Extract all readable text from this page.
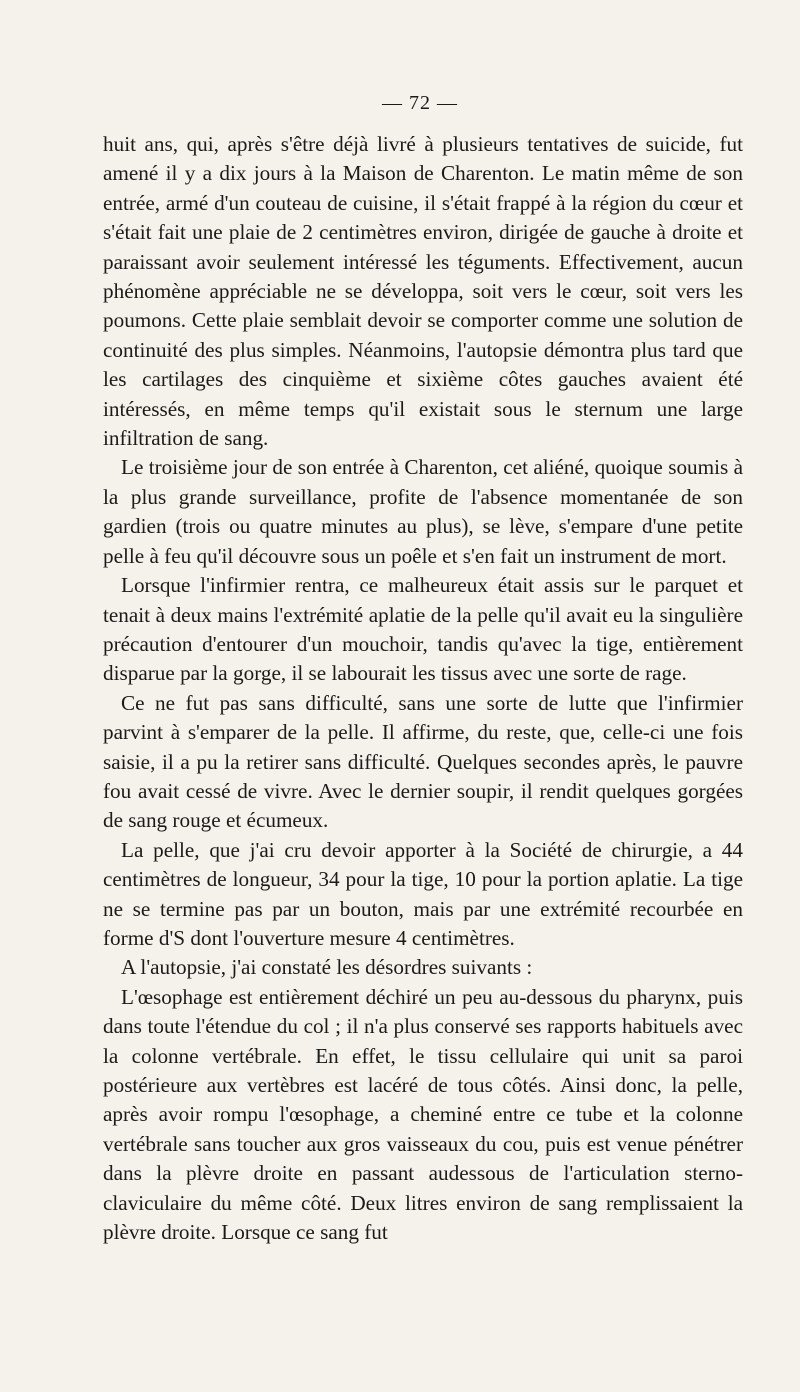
— 72 —

huit ans, qui, après s'être déjà livré à plusieurs tentatives de suicide, fut amené il y a dix jours à la Maison de Charenton. Le matin même de son entrée, armé d'un couteau de cuisine, il s'était frappé à la région du cœur et s'était fait une plaie de 2 centimètres environ, dirigée de gauche à droite et paraissant avoir seulement intéressé les téguments. Effectivement, aucun phénomène appréciable ne se développa, soit vers le cœur, soit vers les poumons. Cette plaie semblait devoir se comporter comme une solution de continuité des plus simples. Néanmoins, l'autopsie démontra plus tard que les cartilages des cinquième et sixième côtes gauches avaient été intéressés, en même temps qu'il existait sous le sternum une large infiltration de sang.

Le troisième jour de son entrée à Charenton, cet aliéné, quoique soumis à la plus grande surveillance, profite de l'absence momentanée de son gardien (trois ou quatre minutes au plus), se lève, s'empare d'une petite pelle à feu qu'il découvre sous un poêle et s'en fait un instrument de mort.

Lorsque l'infirmier rentra, ce malheureux était assis sur le parquet et tenait à deux mains l'extrémité aplatie de la pelle qu'il avait eu la singulière précaution d'entourer d'un mouchoir, tandis qu'avec la tige, entièrement disparue par la gorge, il se labourait les tissus avec une sorte de rage.

Ce ne fut pas sans difficulté, sans une sorte de lutte que l'infirmier parvint à s'emparer de la pelle. Il affirme, du reste, que, celle-ci une fois saisie, il a pu la retirer sans difficulté. Quelques secondes après, le pauvre fou avait cessé de vivre. Avec le dernier soupir, il rendit quelques gorgées de sang rouge et écumeux.

La pelle, que j'ai cru devoir apporter à la Société de chirurgie, a 44 centimètres de longueur, 34 pour la tige, 10 pour la portion aplatie. La tige ne se termine pas par un bouton, mais par une extrémité recourbée en forme d'S dont l'ouverture mesure 4 centimètres.

A l'autopsie, j'ai constaté les désordres suivants :

L'œsophage est entièrement déchiré un peu au-dessous du pharynx, puis dans toute l'étendue du col ; il n'a plus conservé ses rapports habituels avec la colonne vertébrale. En effet, le tissu cellulaire qui unit sa paroi postérieure aux vertèbres est lacéré de tous côtés. Ainsi donc, la pelle, après avoir rompu l'œsophage, a cheminé entre ce tube et la colonne vertébrale sans toucher aux gros vaisseaux du cou, puis est venue pénétrer dans la plèvre droite en passant audessous de l'articulation sterno-claviculaire du même côté. Deux litres environ de sang remplissaient la plèvre droite. Lorsque ce sang fut
